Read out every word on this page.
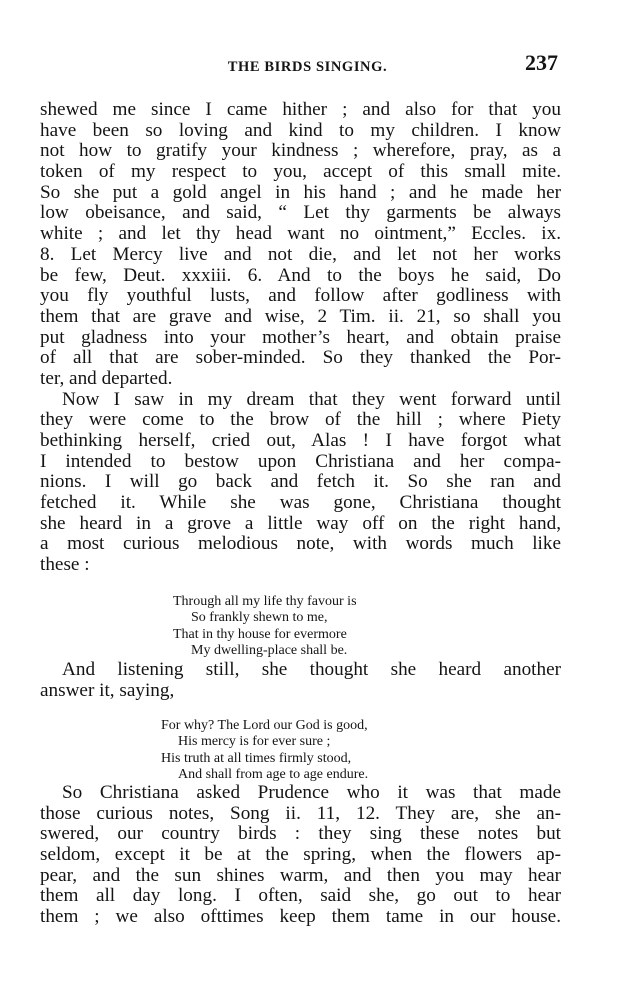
THE BIRDS SINGING.	237
shewed me since I came hither ; and also for that you
have been so loving and kind to my children. I know
not how to gratify your kindness ; wherefore, pray, as a
token of my respect to you, accept of this small mite.
So she put a gold angel in his hand ; and he made her
low obeisance, and said, “ Let thy garments be always
white ; and let thy head want no ointment,” Eccles. ix.
8. Let Mercy live and not die, and let not her works
be few, Deut. xxxiii. 6. And to the boys he said, Do
you fly youthful lusts, and follow after godliness with
them that are grave and wise, 2 Tim. ii. 21, so shall you
put gladness into your mother’s heart, and obtain praise
of all that are sober-minded. So they thanked the Por-
ter, and departed.
Now I saw in my dream that they went forward until
they were come to the brow of the hill ; where Piety
bethinking herself, cried out, Alas ! I have forgot what
I intended to bestow upon Christiana and her compa-
nions. I will go back and fetch it. So she ran and
fetched it. While she was gone, Christiana thought
she heard in a grove a little way off on the right hand,
a most curious melodious note, with words much like
these :
Through all my life thy favour is
So frankly shewn to me,
That in thy house for evermore
My dwelling-place shall be.
And listening still, she thought she heard another
answer it, saying,
For why? The Lord our God is good,
His mercy is for ever sure ;
His truth at all times firmly stood,
And shall from age to age endure.
So Christiana asked Prudence who it was that made
those curious notes, Song ii. 11, 12. They are, she an-
swered, our country birds : they sing these notes but
seldom, except it be at the spring, when the flowers ap-
pear, and the sun shines warm, and then you may hear
them all day long. I often, said she, go out to hear
them ; we also ofttimes keep them tame in our house.
